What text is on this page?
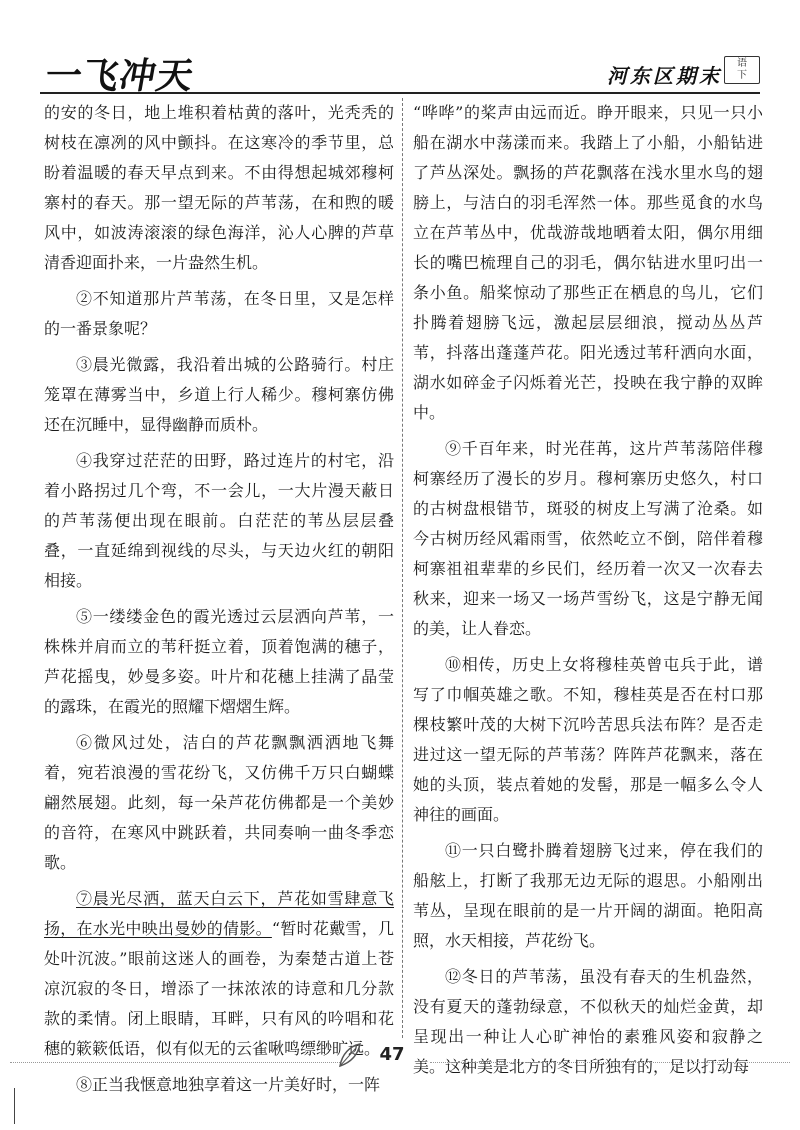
一飞冲天	河东区期末
语
下

的安的冬日，地上堆积着枯黄的落叶，光秃秃的树枝在凛冽的风中颤抖。在这寒冷的季节里，总盼着温暖的春天早点到来。不由得想起城郊穆柯寨村的春天。那一望无际的芦苇荡，在和煦的暖风中，如波涛滚滚的绿色海洋，沁人心脾的芦草清香迎面扑来，一片盎然生机。

②不知道那片芦苇荡，在冬日里，又是怎样的一番景象呢？

③晨光微露，我沿着出城的公路骑行。村庄笼罩在薄雾当中，乡道上行人稀少。穆柯寨仿佛还在沉睡中，显得幽静而质朴。

④我穿过茫茫的田野，路过连片的村宅，沿着小路拐过几个弯，不一会儿，一大片漫天蔽日的芦苇荡便出现在眼前。白茫茫的苇丛层层叠叠，一直延绵到视线的尽头，与天边火红的朝阳相接。

⑤一缕缕金色的霞光透过云层洒向芦苇，一株株并肩而立的苇秆挺立着，顶着饱满的穗子，芦花摇曳，妙曼多姿。叶片和花穗上挂满了晶莹的露珠，在霞光的照耀下熠熠生辉。

⑥微风过处，洁白的芦花飘飘洒洒地飞舞着，宛若浪漫的雪花纷飞，又仿佛千万只白蝴蝶翩然展翅。此刻，每一朵芦花仿佛都是一个美妙的音符，在寒风中跳跃着，共同奏响一曲冬季恋歌。

⑦晨光尽洒，蓝天白云下，芦花如雪肆意飞扬，在水光中映出曼妙的倩影。“暂时花戴雪，几处叶沉波。”眼前这迷人的画卷，为秦楚古道上苍凉沉寂的冬日，增添了一抹浓浓的诗意和几分款款的柔情。闭上眼睛，耳畔，只有风的吟唱和花穗的簌簌低语，似有似无的云雀啾鸣缥缈旷远。

⑧正当我惬意地独享着这一片美好时，一阵

“哗哗”的桨声由远而近。睁开眼来，只见一只小船在湖水中荡漾而来。我踏上了小船，小船钻进了芦丛深处。飘扬的芦花飘落在浅水里水鸟的翅膀上，与洁白的羽毛浑然一体。那些觅食的水鸟立在芦苇丛中，优哉游哉地晒着太阳，偶尔用细长的嘴巴梳理自己的羽毛，偶尔钻进水里叼出一条小鱼。船桨惊动了那些正在栖息的鸟儿，它们扑腾着翅膀飞远，激起层层细浪，搅动丛丛芦苇，抖落出蓬蓬芦花。阳光透过苇秆洒向水面，湖水如碎金子闪烁着光芒，投映在我宁静的双眸中。

⑨千百年来，时光荏苒，这片芦苇荡陪伴穆柯寨经历了漫长的岁月。穆柯寨历史悠久，村口的古树盘根错节，斑驳的树皮上写满了沧桑。如今古树历经风霜雨雪，依然屹立不倒，陪伴着穆柯寨祖祖辈辈的乡民们，经历着一次又一次春去秋来，迎来一场又一场芦雪纷飞，这是宁静无闻的美，让人眷恋。

⑩相传，历史上女将穆桂英曾屯兵于此，谱写了巾帼英雄之歌。不知，穆桂英是否在村口那棵枝繁叶茂的大树下沉吟苦思兵法布阵？是否走进过这一望无际的芦苇荡？阵阵芦花飘来，落在她的头顶，装点着她的发髻，那是一幅多么令人神往的画面。

⑪一只白鹭扑腾着翅膀飞过来，停在我们的船舷上，打断了我那无边无际的遐思。小船刚出苇丛，呈现在眼前的是一片开阔的湖面。艳阳高照，水天相接，芦花纷飞。

⑫冬日的芦苇荡，虽没有春天的生机盎然，没有夏天的蓬勃绿意，不似秋天的灿烂金黄，却呈现出一种让人心旷神怡的素雅风姿和寂静之美。这种美是北方的冬日所独有的，足以打动每

47
